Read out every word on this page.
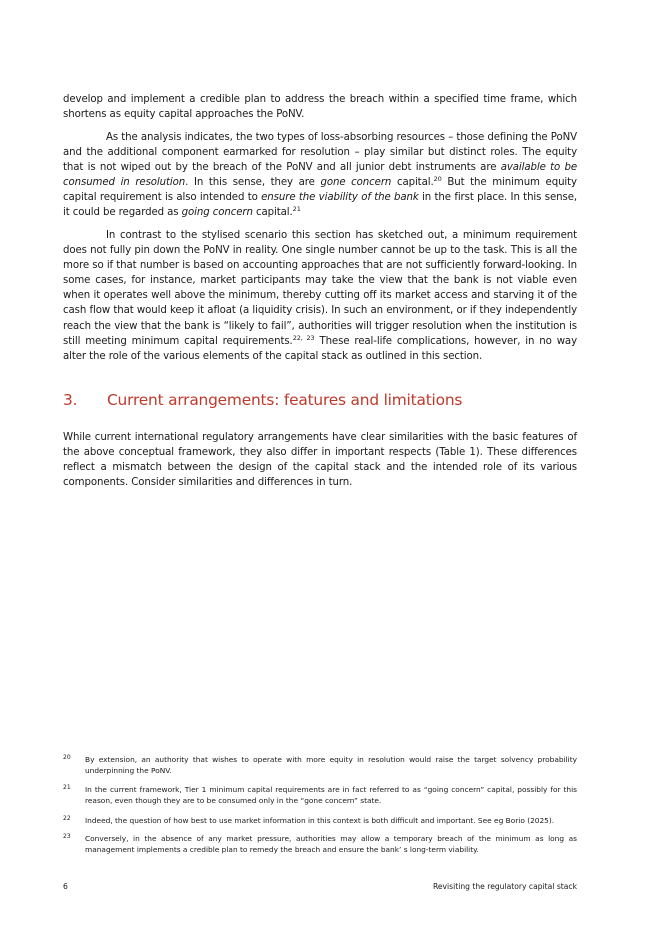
develop and implement a credible plan to address the breach within a specified time frame, which shortens as equity capital approaches the PoNV.

As the analysis indicates, the two types of loss-absorbing resources – those defining the PoNV and the additional component earmarked for resolution – play similar but distinct roles. The equity that is not wiped out by the breach of the PoNV and all junior debt instruments are available to be consumed in resolution. In this sense, they are gone concern capital.$^{20}$ But the minimum equity capital requirement is also intended to ensure the viability of the bank in the first place. In this sense, it could be regarded as going concern capital.$^{21}$

In contrast to the stylised scenario this section has sketched out, a minimum requirement does not fully pin down the PoNV in reality. One single number cannot be up to the task. This is all the more so if that number is based on accounting approaches that are not sufficiently forward-looking. In some cases, for instance, market participants may take the view that the bank is not viable even when it operates well above the minimum, thereby cutting off its market access and starving it of the cash flow that would keep it afloat (a liquidity crisis). In such an environment, or if they independently reach the view that the bank is “likely to fail”, authorities will trigger resolution when the institution is still meeting minimum capital requirements.$^{22, 23}$ These real-life complications, however, in no way alter the role of the various elements of the capital stack as outlined in this section.

3. Current arrangements: features and limitations

While current international regulatory arrangements have clear similarities with the basic features of the above conceptual framework, they also differ in important respects (Table 1). These differences reflect a mismatch between the design of the capital stack and the intended role of its various components. Consider similarities and differences in turn.

20 By extension, an authority that wishes to operate with more equity in resolution would raise the target solvency probability underpinning the PoNV.
21 In the current framework, Tier 1 minimum capital requirements are in fact referred to as “going concern” capital, possibly for this reason, even though they are to be consumed only in the “gone concern” state.
22 Indeed, the question of how best to use market information in this context is both difficult and important. See eg Borio (2025).
23 Conversely, in the absence of any market pressure, authorities may allow a temporary breach of the minimum as long as management implements a credible plan to remedy the breach and ensure the bank’ s long-term viability.
6	Revisiting the regulatory capital stack
